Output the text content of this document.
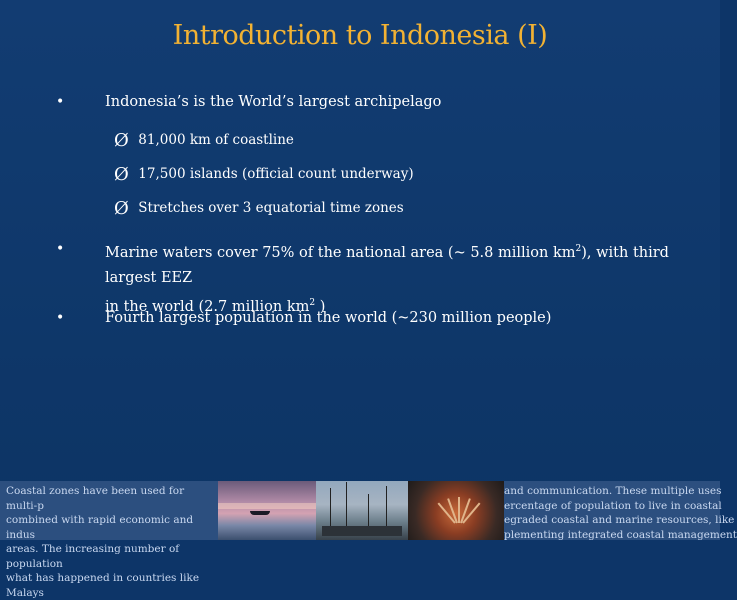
Introduction to Indonesia (I)
•	Indonesia’s is the World’s largest archipelago
Ø 81,000 km of coastline
Ø 17,500 islands (official count underway)
Ø Stretches over 3 equatorial time zones
•	Marine waters cover 75% of the national area (~ 5.8 million $km^2$), with third largest EEZ
in the world (2.7 million $km^2$ )
•	Fourth largest population in the world (~230 million people)
Coastal zones have been used for multi-p
combined with rapid economic and indus
areas. The increasing number of population
what has happened in countries like Malays
and communication. These multiple uses
ercentage of population to live in coastal
egraded coastal and marine resources, like
plementing integrated coastal management
